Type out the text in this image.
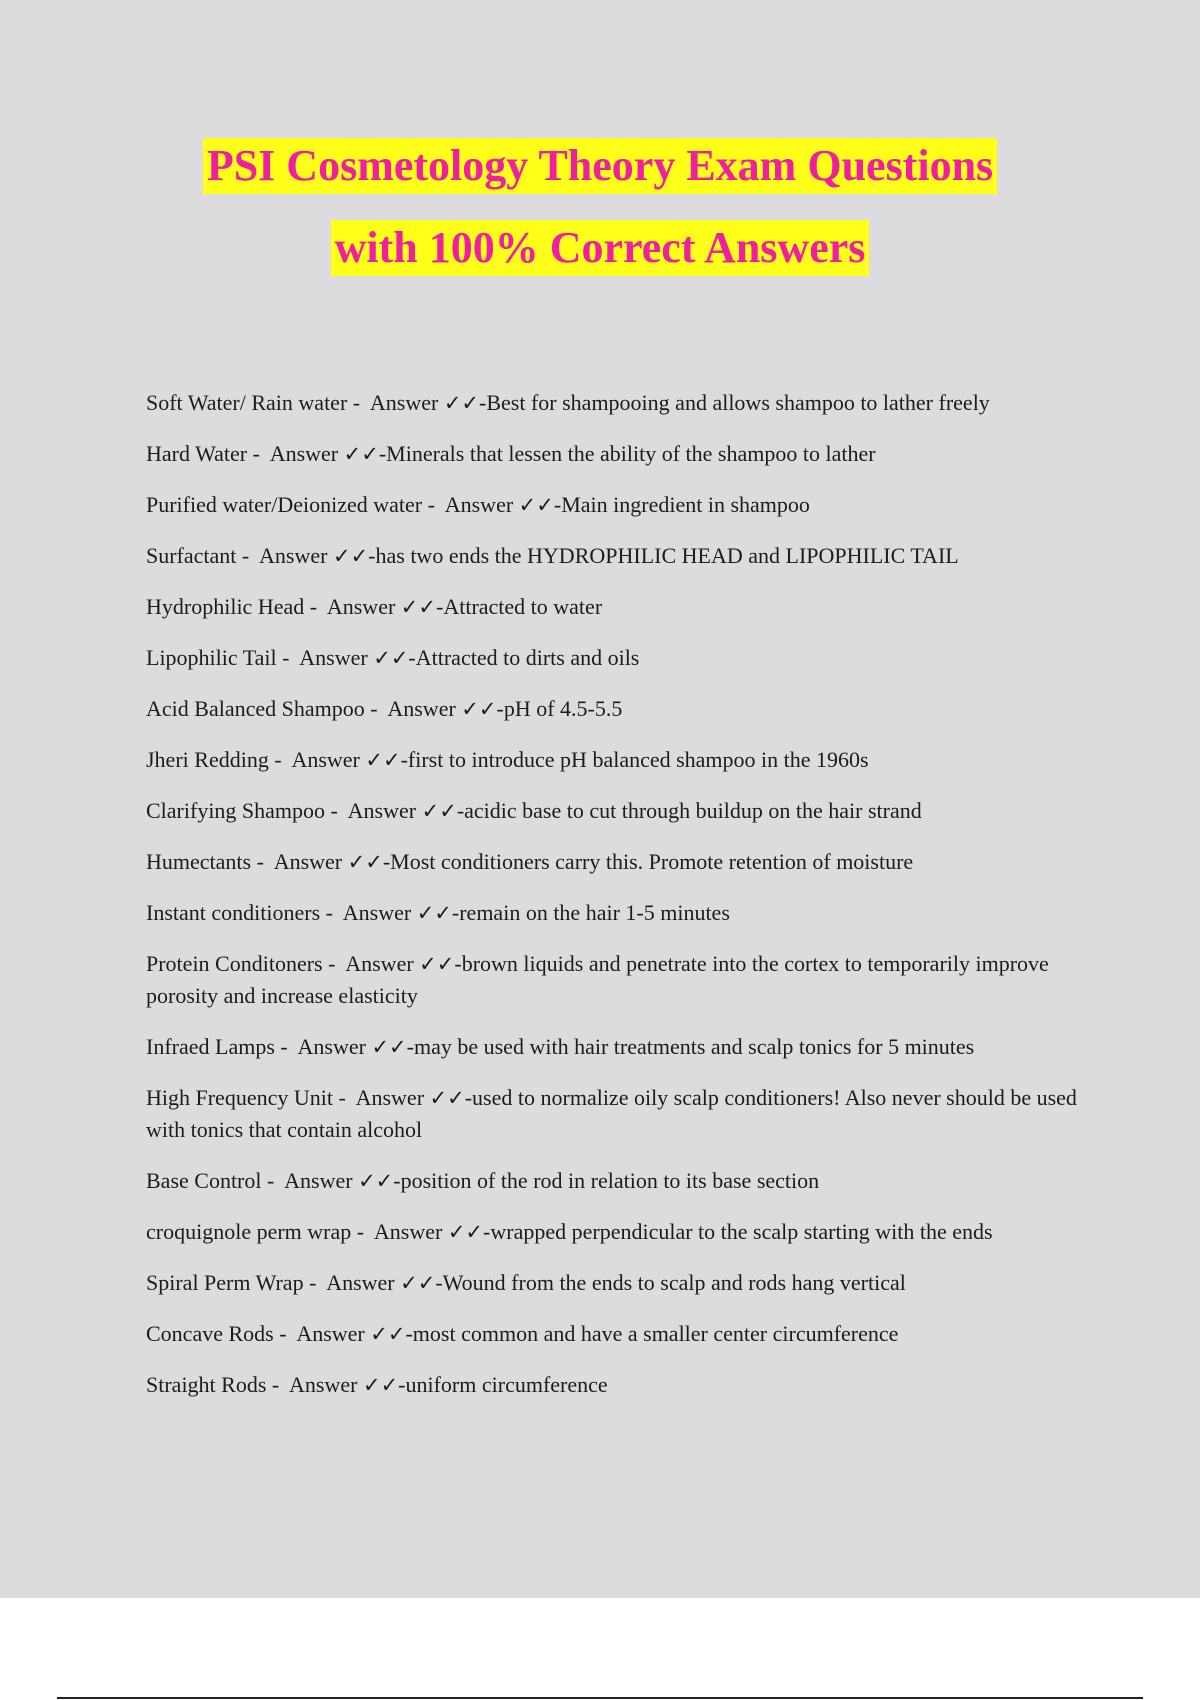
PSI Cosmetology Theory Exam Questions
with 100% Correct Answers
Soft Water/ Rain water - Answer ✓✓-Best for shampooing and allows shampoo to lather freely
Hard Water - Answer ✓✓-Minerals that lessen the ability of the shampoo to lather
Purified water/Deionized water - Answer ✓✓-Main ingredient in shampoo
Surfactant - Answer ✓✓-has two ends the HYDROPHILIC HEAD and LIPOPHILIC TAIL
Hydrophilic Head - Answer ✓✓-Attracted to water
Lipophilic Tail - Answer ✓✓-Attracted to dirts and oils
Acid Balanced Shampoo - Answer ✓✓-pH of 4.5-5.5
Jheri Redding - Answer ✓✓-first to introduce pH balanced shampoo in the 1960s
Clarifying Shampoo - Answer ✓✓-acidic base to cut through buildup on the hair strand
Humectants - Answer ✓✓-Most conditioners carry this. Promote retention of moisture
Instant conditioners - Answer ✓✓-remain on the hair 1-5 minutes
Protein Conditoners - Answer ✓✓-brown liquids and penetrate into the cortex to temporarily improve porosity and increase elasticity
Infraed Lamps - Answer ✓✓-may be used with hair treatments and scalp tonics for 5 minutes
High Frequency Unit - Answer ✓✓-used to normalize oily scalp conditioners! Also never should be used with tonics that contain alcohol
Base Control - Answer ✓✓-position of the rod in relation to its base section
croquignole perm wrap - Answer ✓✓-wrapped perpendicular to the scalp starting with the ends
Spiral Perm Wrap - Answer ✓✓-Wound from the ends to scalp and rods hang vertical
Concave Rods - Answer ✓✓-most common and have a smaller center circumference
Straight Rods - Answer ✓✓-uniform circumference
